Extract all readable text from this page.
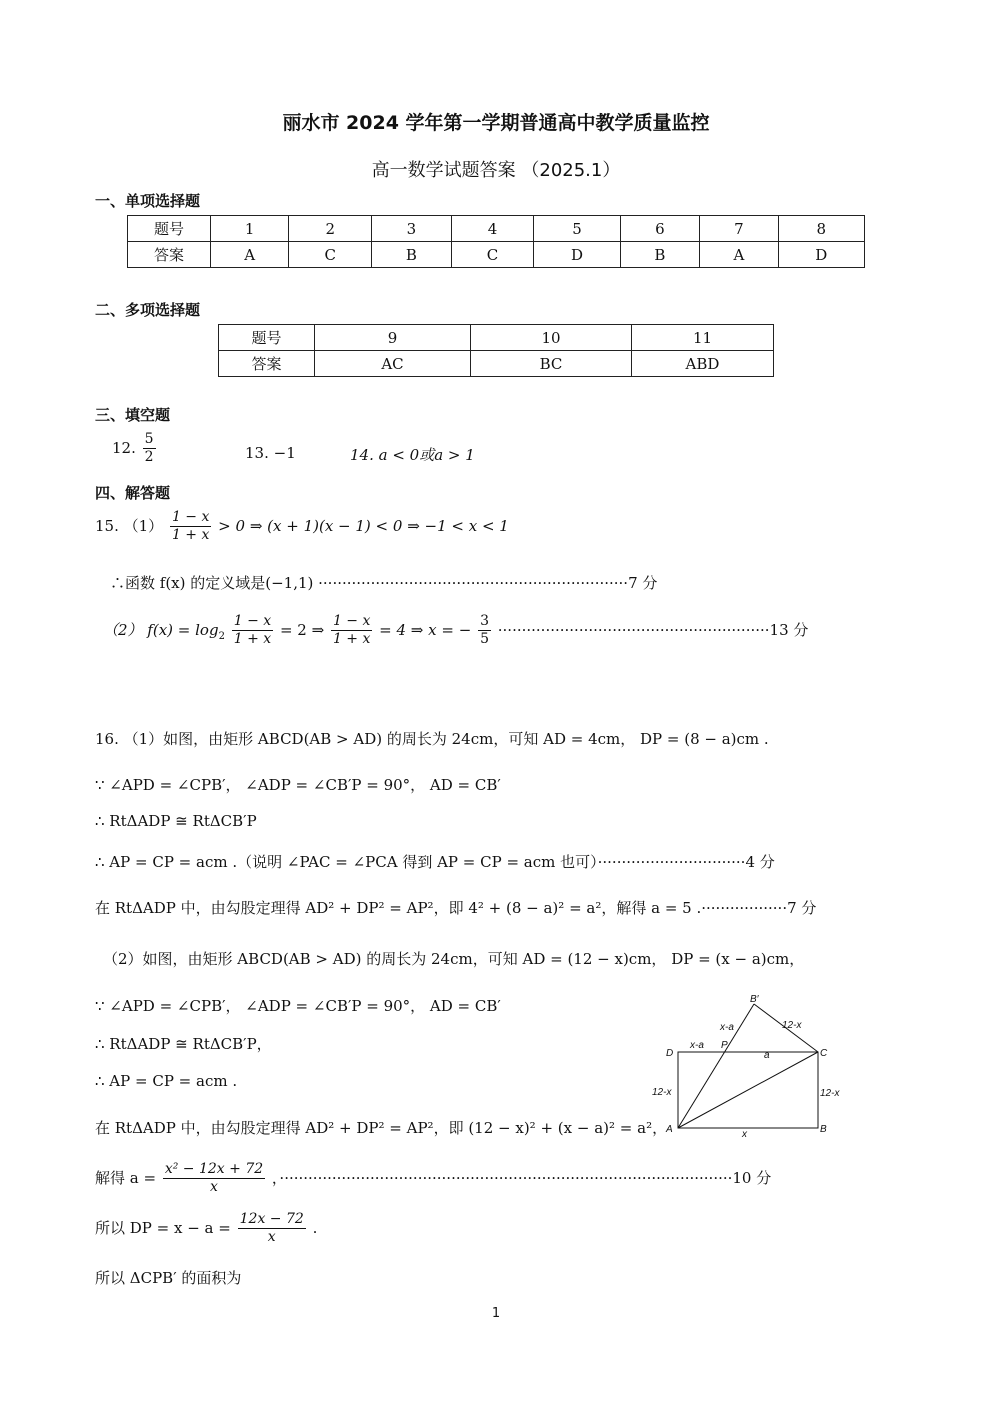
丽水市 2024 学年第一学期普通高中教学质量监控
高一数学试题答案 （2025.1）
一、单项选择题
题号	1	2	3	4	5	6	7	8
答案	A	C	B	C	D	B	A	D
二、多项选择题
题号	9	10	11
答案	AC	BC	ABD
三、填空题
12. $\frac{5}{2}$	13. −1	14. a < 0或a > 1
四、解答题
15. $(1) \frac{1 - x}{1 + x} > 0$ ⇒ (x + 1)(x − 1) < 0 ⇒ −1 < x < 1
∴函数 f(x) 的定义域是(−1,1) ·································································7 分
（2） $f(x) = \log_2 \frac{1 - x}{1 + x} = 2$ ⇒ $\frac{1 - x}{1 + x} = 4$ ⇒ x = − $\frac{3}{5} \cdot\cdot\cdot\cdot\cdot\cdot\cdot\cdot\cdot\cdot\cdot\cdot\cdot\cdot\cdot\cdot\cdot\cdot\cdot\cdot\cdot\cdot\cdot\cdot\cdot\cdot\cdot\cdot\cdot\cdot\cdot\cdot\cdot\cdot\cdot\cdot\cdot\cdot\cdot\cdot\cdot\cdot\cdot\cdot\cdot\cdot\cdot\cdot\cdot\cdot\cdot\cdot\cdot\cdot\cdot\cdot\cdot 13$ 分
16. （1）如图，由矩形 ABCD(AB > AD) 的周长为 24cm，可知 AD = 4cm， DP = (8 − a)cm .
∵ ∠APD = ∠CPB′， ∠ADP = ∠CB′P = 90°， AD = CB′
∴ RtΔADP ≅ RtΔCB′P
∴ AP = CP = acm .（说明 ∠PAC = ∠PCA 得到 AP = CP = acm 也可）·······························4 分
在 RtΔADP 中，由勾股定理得 AD² + DP² = AP²，即 4² + (8 − a)² = a²，解得 a = 5 .··················7 分
（2）如图，由矩形 ABCD(AB > AD) 的周长为 24cm，可知 AD = (12 − x)cm， DP = (x − a)cm，
∵ ∠APD = ∠CPB′， ∠ADP = ∠CB′P = 90°， AD = CB′
∴ RtΔADP ≅ RtΔCB′P，
∴ AP = CP = acm .
在 RtΔADP 中，由勾股定理得 AD² + DP² = AP²，即 (12 − x)² + (x − a)² = a²，
解得 $a = \frac{\text{x² − 12x + 72}}{x}$ ，·······························································································10 分
所以 DP = $x - a = \frac{12x - 72}{x}$ .
所以 ΔCPB′ 的面积为
B′
12-x
x-a
D
x-a P
a	C
12-x	12-x
A	x	B
1
